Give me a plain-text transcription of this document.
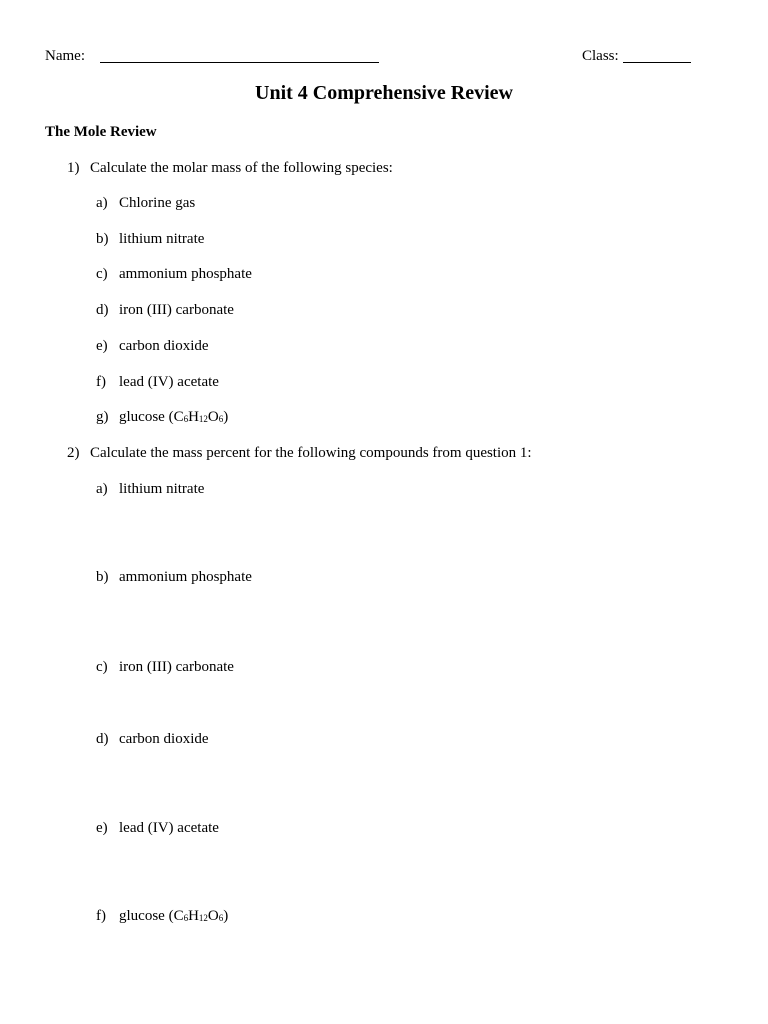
Name:	Class:
Unit 4 Comprehensive Review
The Mole Review
1) Calculate the molar mass of the following species:
a) Chlorine gas
b) lithium nitrate
c) ammonium phosphate
d) iron (III) carbonate
e) carbon dioxide
f) lead (IV) acetate
g) glucose $(C_6H_{12}O_6)$
2) Calculate the mass percent for the following compounds from question 1:
a) lithium nitrate
b) ammonium phosphate
c) iron (III) carbonate
d) carbon dioxide
e) lead (IV) acetate
f) glucose $(C_6H_{12}O_6)$
